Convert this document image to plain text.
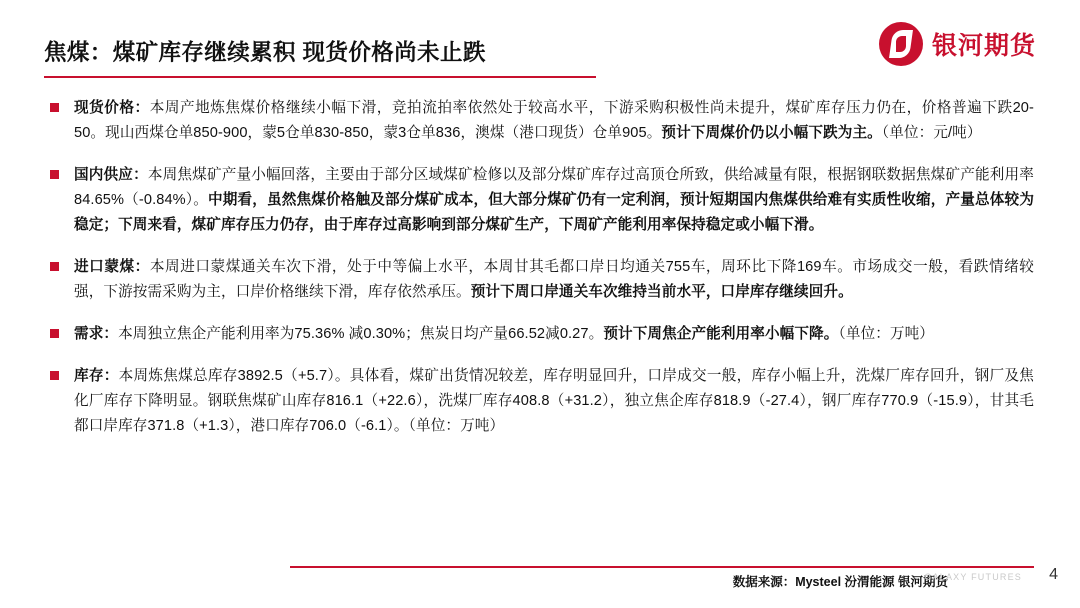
焦煤：煤矿库存继续累积 现货价格尚未止跌	银河期货
现货价格：本周产地炼焦煤价格继续小幅下滑，竞拍流拍率依然处于较高水平，下游采购积极性尚未提升，煤矿库存压力仍在，价格普遍下跌20-50。现山西煤仓单850-900，蒙5仓单830-850，蒙3仓单836，澳煤（港口现货）仓单905。预计下周煤价仍以小幅下跌为主。（单位：元/吨）
国内供应：本周焦煤矿产量小幅回落，主要由于部分区域煤矿检修以及部分煤矿库存过高顶仓所致，供给减量有限，根据钢联数据焦煤矿产能利用率84.65%（-0.84%）。中期看，虽然焦煤价格触及部分煤矿成本，但大部分煤矿仍有一定利润，预计短期国内焦煤供给难有实质性收缩，产量总体较为稳定；下周来看，煤矿库存压力仍存，由于库存过高影响到部分煤矿生产，下周矿产能利用率保持稳定或小幅下滑。
进口蒙煤：本周进口蒙煤通关车次下滑，处于中等偏上水平，本周甘其毛都口岸日均通关755车，周环比下降169车。市场成交一般，看跌情绪较强，下游按需采购为主，口岸价格继续下滑，库存依然承压。预计下周口岸通关车次维持当前水平，口岸库存继续回升。
需求：本周独立焦企产能利用率为75.36% 减0.30%；焦炭日均产量66.52减0.27。预计下周焦企产能利用率小幅下降。（单位：万吨）
库存：本周炼焦煤总库存3892.5（+5.7）。具体看，煤矿出货情况较差，库存明显回升，口岸成交一般，库存小幅上升，洗煤厂库存回升，钢厂及焦化厂库存下降明显。钢联焦煤矿山库存816.1（+22.6），洗煤厂库存408.8（+31.2），独立焦企库存818.9（-27.4），钢厂库存770.9（-15.9），甘其毛都口岸库存371.8（+1.3），港口库存706.0（-6.1）。（单位：万吨）
数据来源：Mysteel 汾渭能源 银河期货
GALAXY FUTURES 4
